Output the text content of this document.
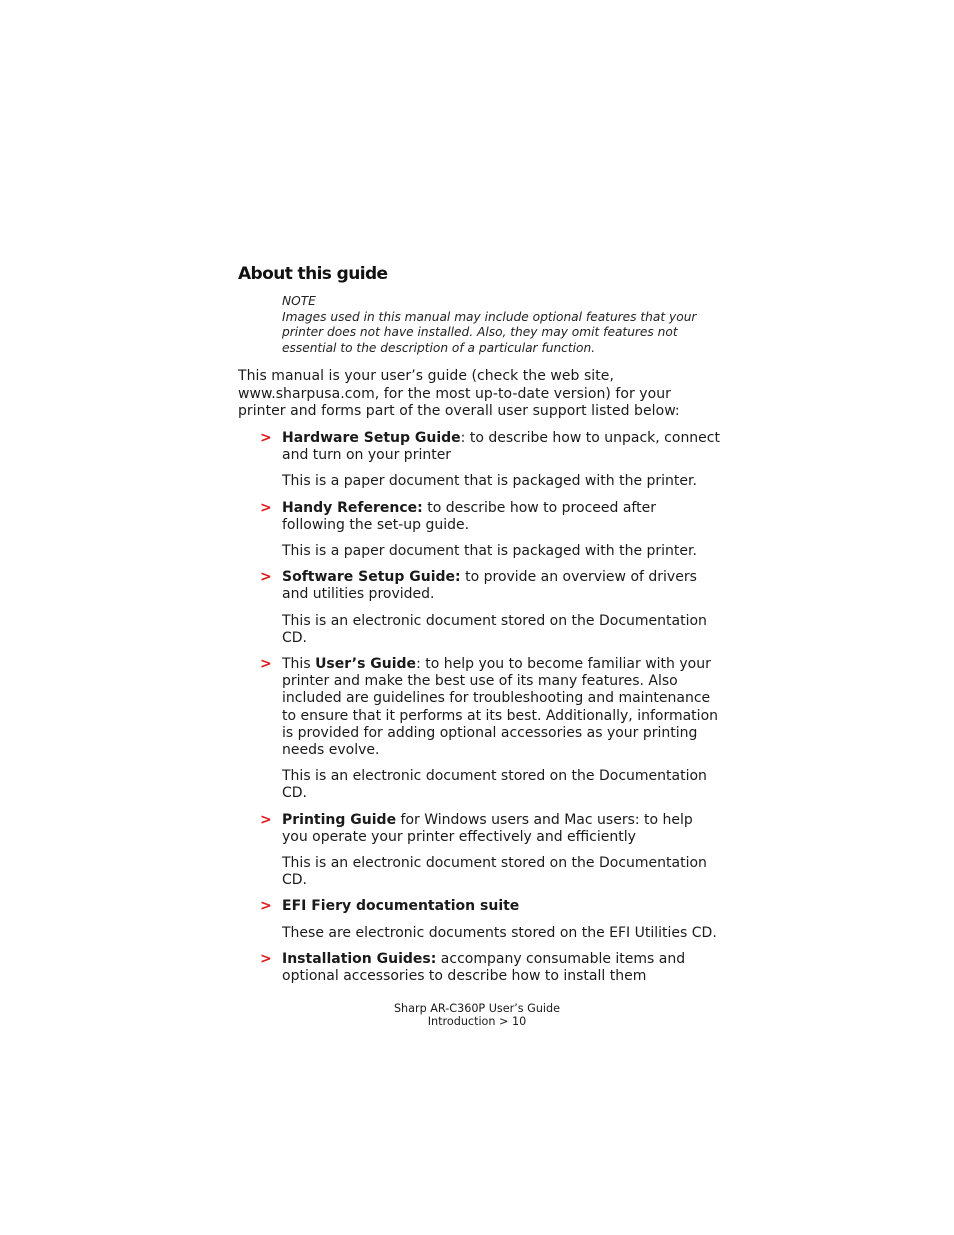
About this guide
NOTE

Images used in this manual may include optional features that your printer does not have installed. Also, they may omit features not essential to the description of a particular function.

This manual is your user’s guide (check the web site, www.sharpusa.com, for the most up-to-date version) for your printer and forms part of the overall user support listed below:

> Hardware Setup Guide: to describe how to unpack, connect and turn on your printer

This is a paper document that is packaged with the printer.

> Handy Reference: to describe how to proceed after following the set-up guide.

This is a paper document that is packaged with the printer.

> Software Setup Guide: to provide an overview of drivers and utilities provided.

This is an electronic document stored on the Documentation CD.

> This User’s Guide: to help you to become familiar with your printer and make the best use of its many features. Also included are guidelines for troubleshooting and maintenance to ensure that it performs at its best. Additionally, information is provided for adding optional accessories as your printing needs evolve.

This is an electronic document stored on the Documentation CD.

> Printing Guide for Windows users and Mac users: to help you operate your printer effectively and efficiently

This is an electronic document stored on the Documentation CD.

> EFI Fiery documentation suite

These are electronic documents stored on the EFI Utilities CD.

> Installation Guides: accompany consumable items and optional accessories to describe how to install them

Sharp AR-C360P User’s Guide
Introduction > 10
